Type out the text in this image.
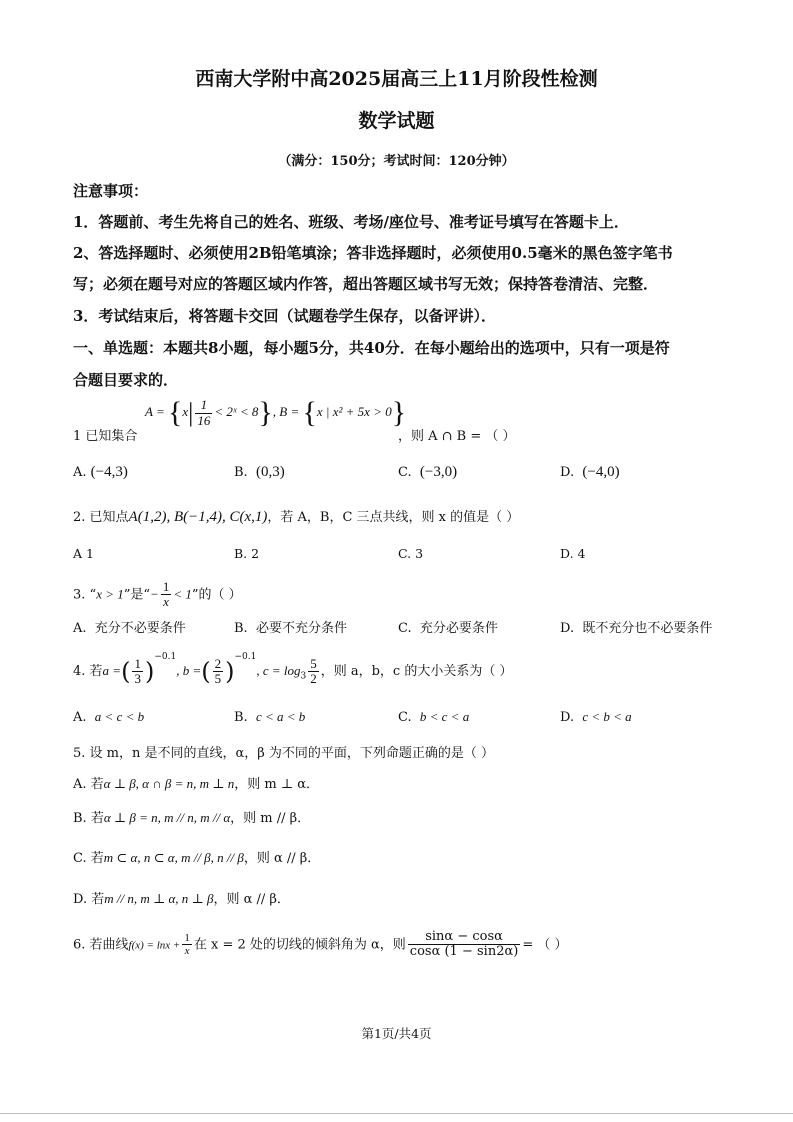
西南大学附中高2025届高三上11月阶段性检测
数学试题
（满分：150分；考试时间：120分钟）
注意事项：
1．答题前、考生先将自己的姓名、班级、考场/座位号、准考证号填写在答题卡上．
2、答选择题时、必须使用2B铅笔填涂；答非选择题时，必须使用0.5毫米的黑色签字笔书
写；必须在题号对应的答题区域内作答，超出答题区域书写无效；保持答卷清洁、完整．
3．考试结束后，将答题卡交回（试题卷学生保存，以备评讲）．
一、单选题：本题共8小题，每小题5分，共40分．在每小题给出的选项中，只有一项是符
合题目要求的．
1 已知集合
$A = \{x| \frac{1}{16}$ < 2ˣ < 8}, B = {x | x² + 5x > 0}
，则 A ∩ B = （ ）
A. (−4,3)	B. (0,3)	C. (−3,0)	D. (−4,0)
2. 已知点A(1,2), B(−1,4), C(x,1)，若 A，B，C 三点共线，则 x 的值是（ ）
A 1	B. 2	C. 3	D. 4
3. “x > 1”是“− $\frac{1}{x} < 1$”的（ ）
A. 充分不必要条件	B. 必要不充分条件	C. 充分必要条件	D. 既不充分也不必要条件
4. 若a =( $\frac{1}{3} )^{-0.1}$, b =( $\frac{2}{5} )^{-0.1}$, $c = \log_3 \frac{5}{2}$ ，则 a，b，c 的大小关系为（ ）
A. a < c < b	B. c < a < b	C. b < c < a	D. c < b < a
5. 设 m，n 是不同的直线，α，β 为不同的平面，下列命题正确的是（ ）
A. 若α ⊥ β, α ∩ β = n, m ⊥ n，则 m ⊥ α．
B. 若α ⊥ β = n, m // n, m // α，则 m // β．
C. 若m ⊂ α, n ⊂ α, m // β, n // β，则 α // β．
D. 若m // n, m ⊥ α, n ⊥ β，则 α // β．
6. 若曲线$f(x) = \ln x + \frac{1}{x}$ 在 x = 2 处的切线的倾斜角为 α，则 $\frac{\sin\alpha - \cos\alpha}{\cos\alpha (1 - \sin 2\alpha)}$ = （ ）
第1页/共4页
